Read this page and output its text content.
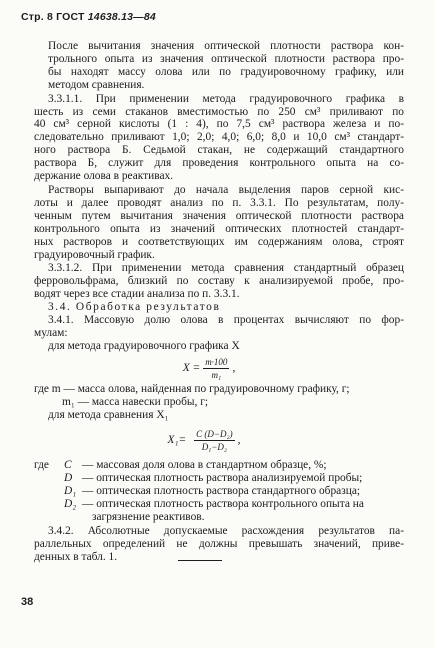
Стр. 8 ГОСТ 14638.13—84
После вычитания значения оптической плотности раствора кон-
трольного опыта из значения оптической плотности раствора про-
бы находят массу олова или по градуировочному графику, или
методом сравнения.
3.3.1.1. При применении метода градуировочного графика в
шесть из семи стаканов вместимостью по 250 см³ приливают по
40 см³ серной кислоты (1 : 4), по 7,5 см³ раствора железа и по-
следовательно приливают 1,0; 2,0; 4,0; 6,0; 8,0 и 10,0 см³ стандарт-
ного раствора Б. Седьмой стакан, не содержащий стандартного
раствора Б, служит для проведения контрольного опыта на со-
держание олова в реактивах.
Растворы выпаривают до начала выделения паров серной кис-
лоты и далее проводят анализ по п. 3.3.1. По результатам, полу-
ченным путем вычитания значения оптической плотности раствора
контрольного опыта из значений оптических плотностей стандарт-
ных растворов и соответствующих им содержаниям олова, строят
градуировочный график.
3.3.1.2. При применении метода сравнения стандартный образец
ферровольфрама, близкий по составу к анализируемой пробе, про-
водят через все стадии анализа по п. 3.3.1.
3.4. Обработка результатов
3.4.1. Массовую долю олова в процентах вычисляют по фор-
мулам:
для метода градуировочного графика X
$X = \frac{m\cdot 100}{\text{m₁}}$ ,
где m — масса олова, найденная по градуировочному графику, г;
m₁ — масса навески пробы, г;
для метода сравнения X₁
$X_1= \frac{\text{C (D−D₂)}}{\text{D₁−D₂}}$ ,
где	C — массовая доля олова в стандартном образце, %;
D — оптическая плотность раствора анализируемой пробы;
D₁ — оптическая плотность раствора стандартного образца;
D₂ — оптическая плотность раствора контрольного опыта на
загрязнение реактивов.
3.4.2. Абсолютные допускаемые расхождения результатов па-
раллельных определений не должны превышать значений, приве-
денных в табл. 1.
38
